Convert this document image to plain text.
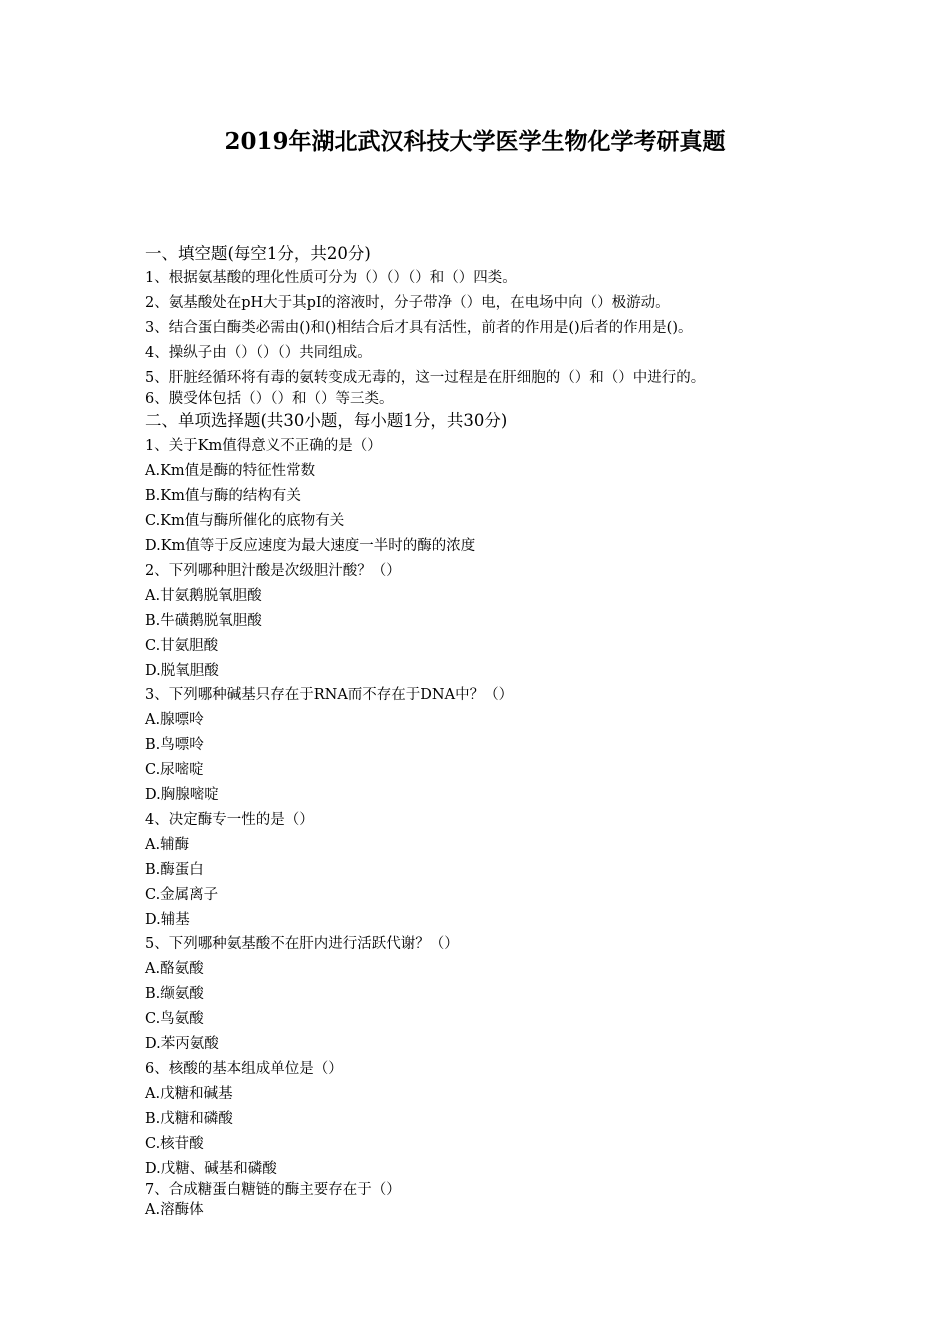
2019年湖北武汉科技大学医学生物化学考研真题
一、填空题(每空1分，共20分)
1、根据氨基酸的理化性质可分为（）（）（）和（）四类。
2、氨基酸处在pH大于其pI的溶液时，分子带净（）电，在电场中向（）极游动。
3、结合蛋白酶类必需由()和()相结合后才具有活性，前者的作用是()后者的作用是()。
4、操纵子由（）（）（）共同组成。
5、肝脏经循环将有毒的氨转变成无毒的，这一过程是在肝细胞的（）和（）中进行的。
6、膜受体包括（）（）和（）等三类。
二、单项选择题(共30小题，每小题1分，共30分)
1、关于Km值得意义不正确的是（）
A.Km值是酶的特征性常数
B.Km值与酶的结构有关
C.Km值与酶所催化的底物有关
D.Km值等于反应速度为最大速度一半时的酶的浓度
2、下列哪种胆汁酸是次级胆汁酸？（）
A.甘氨鹅脱氧胆酸
B.牛磺鹅脱氧胆酸
C.甘氨胆酸
D.脱氧胆酸
3、下列哪种碱基只存在于RNA而不存在于DNA中？（）
A.腺嘌呤
B.鸟嘌呤
C.尿嘧啶
D.胸腺嘧啶
4、决定酶专一性的是（）
A.辅酶
B.酶蛋白
C.金属离子
D.辅基
5、下列哪种氨基酸不在肝内进行活跃代谢？（）
A.酪氨酸
B.缬氨酸
C.鸟氨酸
D.苯丙氨酸
6、核酸的基本组成单位是（）
A.戊糖和碱基
B.戊糖和磷酸
C.核苷酸
D.戊糖、碱基和磷酸
7、合成糖蛋白糖链的酶主要存在于（）
A.溶酶体
